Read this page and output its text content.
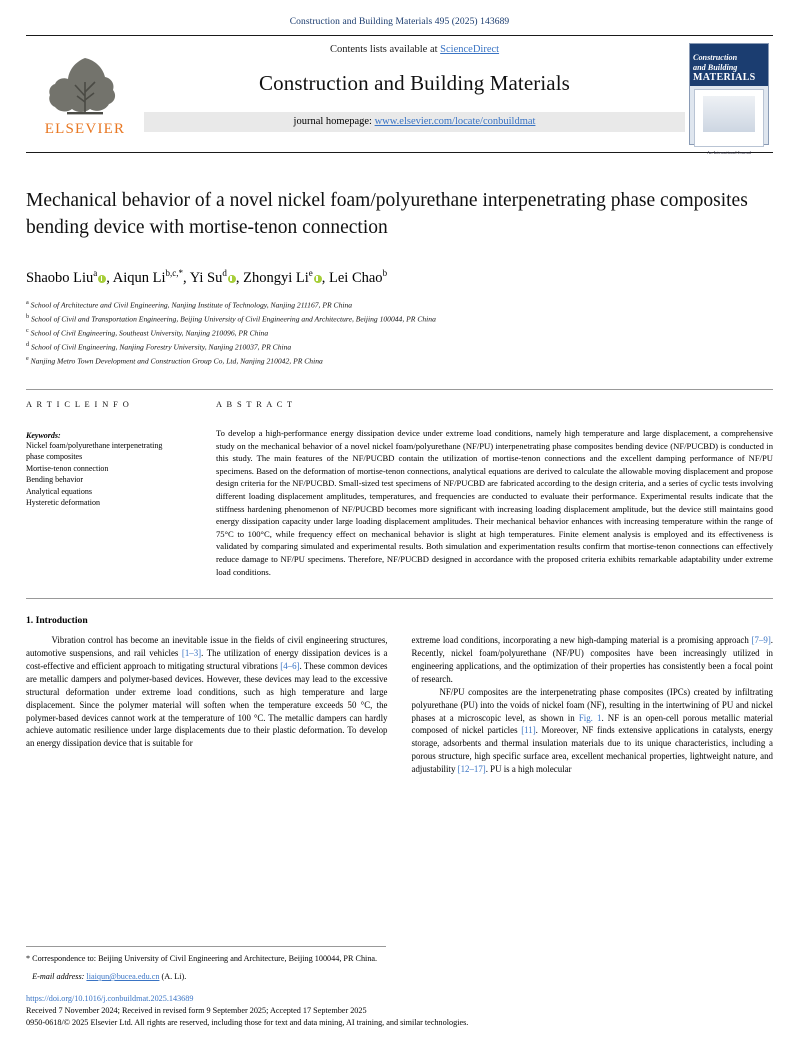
Construction and Building Materials 495 (2025) 143689
ELSEVIER
Contents lists available at ScienceDirect
Construction and Building Materials
journal homepage: www.elsevier.com/locate/conbuildmat
Construction
and Building
MATERIALS
An International Journal
Mechanical behavior of a novel nickel foam/polyurethane interpenetrating phase composites bending device with mortise-tenon connection
Shaobo Liu$^a$ , Aiqun $Li^{b,c,*}$, Yi Su$^d$ , Zhongyi Li$^e$ , Lei Chao$^b$
$^a$ School of Architecture and Civil Engineering, Nanjing Institute of Technology, Nanjing 211167, PR China
$^b$ School of Civil and Transportation Engineering, Beijing University of Civil Engineering and Architecture, Beijing 100044, PR China
$^c$ School of Civil Engineering, Southeast University, Nanjing 210096, PR China
$^d$ School of Civil Engineering, Nanjing Forestry University, Nanjing 210037, PR China
$^e$ Nanjing Metro Town Development and Construction Group Co, Ltd, Nanjing 210042, PR China
A R T I C L E I N F O
Keywords:
Nickel foam/polyurethane interpenetrating
phase composites
Mortise-tenon connection
Bending behavior
Analytical equations
Hysteretic deformation
A B S T R A C T
To develop a high-performance energy dissipation device under extreme load conditions, namely high temperature and large displacement, a comprehensive study on the mechanical behavior of a novel nickel foam/polyurethane (NF/PU) interpenetrating phase composites bending device (NF/PUCBD) is conducted in this study. The main features of the NF/PUCBD contain the utilization of mortise-tenon connections and the excellent damping performance of NF/PU specimens. Based on the deformation of mortise-tenon connections, analytical equations are derived to calculate the allowable moving displacement and propose design criteria for the NF/PUCBD. Small-sized test specimens of NF/PUCBD are fabricated according to the design criteria, and a series of cyclic tests involving different loading displacement amplitudes, temperatures, and frequencies are conducted to evaluate their performance. Experimental results indicate that the stiffness hardening phenomenon of NF/PUCBD becomes more significant with increasing loading displacement amplitude, but the device still maintains good energy dissipation capacity under large loading displacement amplitudes. Their mechanical behavior enhances with increasing temperature within the range of 75°C to 100°C, while frequency effect on mechanical behavior is slight at high temperatures. Finite element analysis is employed and its effectiveness is validated by comparing simulated and experimental results. Both simulation and experimentation results confirm that mortise-tenon connections can effectively reduce damage to NF/PU specimens. Therefore, NF/PUCBD designed in accordance with the proposed criteria exhibits remarkable adaptability under extreme load conditions.
1. Introduction

Vibration control has become an inevitable issue in the fields of civil engineering structures, automotive suspensions, and rail vehicles [1–3]. The utilization of energy dissipation devices is a cost-effective and efficient approach to mitigating structural vibrations [4–6]. These common devices are metallic dampers and polymer-based devices. However, these devices may lead to the excessive structural deformation under extreme load conditions, such as high temperature and large displacement. Since the polymer material will soften when the temperature exceeds 50 °C, the polymer-based devices cannot work at the temperature of 100 °C. The metallic dampers can hardly achieve automatic resilience under large displacements due to their plastic deformation. To develop an energy dissipation device that is suitable for

extreme load conditions, incorporating a new high-damping material is a promising approach [7–9]. Recently, nickel foam/polyurethane (NF/PU) composites have been increasingly utilized in engineering applications, and the optimization of their properties has consistently been a focal point of research.

NF/PU composites are the interpenetrating phase composites (IPCs) created by infiltrating polyurethane (PU) into the voids of nickel foam (NF), resulting in the intertwining of PU and nickel phases at a microscopic level, as shown in Fig. 1. NF is an open-cell porous metallic material composed of nickel particles [11]. Moreover, NF finds extensive applications in catalysts, energy storage, adsorbents and thermal insulation materials due to its unique characteristics, including a porous structure, high specific surface area, excellent mechanical properties, lightweight nature, and adjustability [12–17]. PU is a high molecular

* Correspondence to: Beijing University of Civil Engineering and Architecture, Beijing 100044, PR China.
E-mail address: liaiqun@bucea.edu.cn (A. Li).
https://doi.org/10.1016/j.conbuildmat.2025.143689
Received 7 November 2024; Received in revised form 9 September 2025; Accepted 17 September 2025
0950-0618/© 2025 Elsevier Ltd. All rights are reserved, including those for text and data mining, AI training, and similar technologies.
